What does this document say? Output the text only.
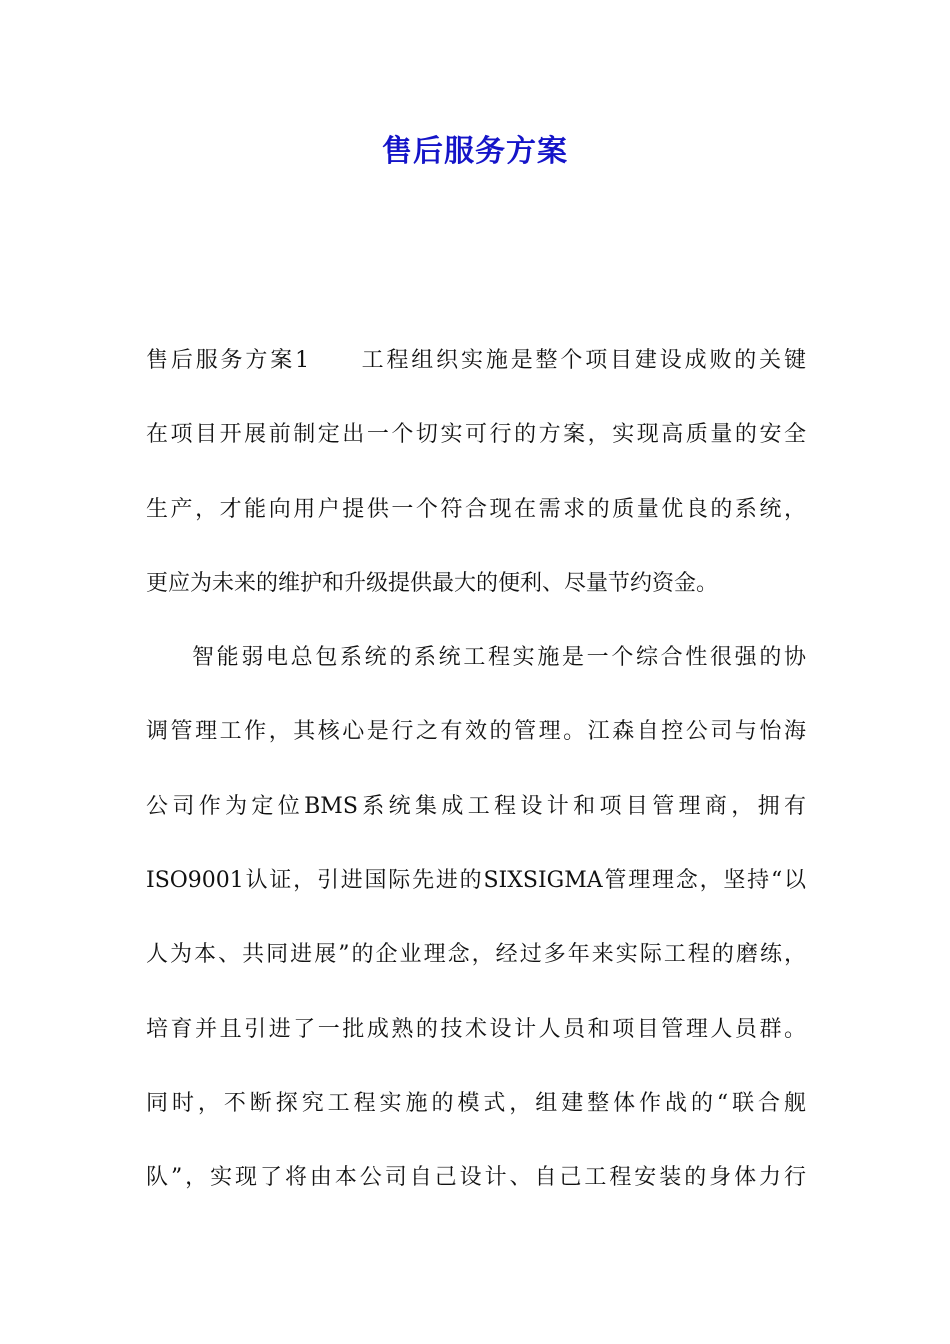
售后服务方案
售后服务方案1　　工程组织实施是整个项目建设成败的关键
在项目开展前制定出一个切实可行的方案，实现高质量的安全
生产，才能向用户提供一个符合现在需求的质量优良的系统，
更应为未来的维护和升级提供最大的便利、尽量节约资金。
智能弱电总包系统的系统工程实施是一个综合性很强的协
调管理工作，其核心是行之有效的管理。江森自控公司与怡海
公司作为定位BMS系统集成工程设计和项目管理商，拥有
ISO9001认证，引进国际先进的SIXSIGMA管理理念，坚持“以
人为本、共同进展”的企业理念，经过多年来实际工程的磨练，
培育并且引进了一批成熟的技术设计人员和项目管理人员群。
同时，不断探究工程实施的模式，组建整体作战的“联合舰
队”，实现了将由本公司自己设计、自己工程安装的身体力行
